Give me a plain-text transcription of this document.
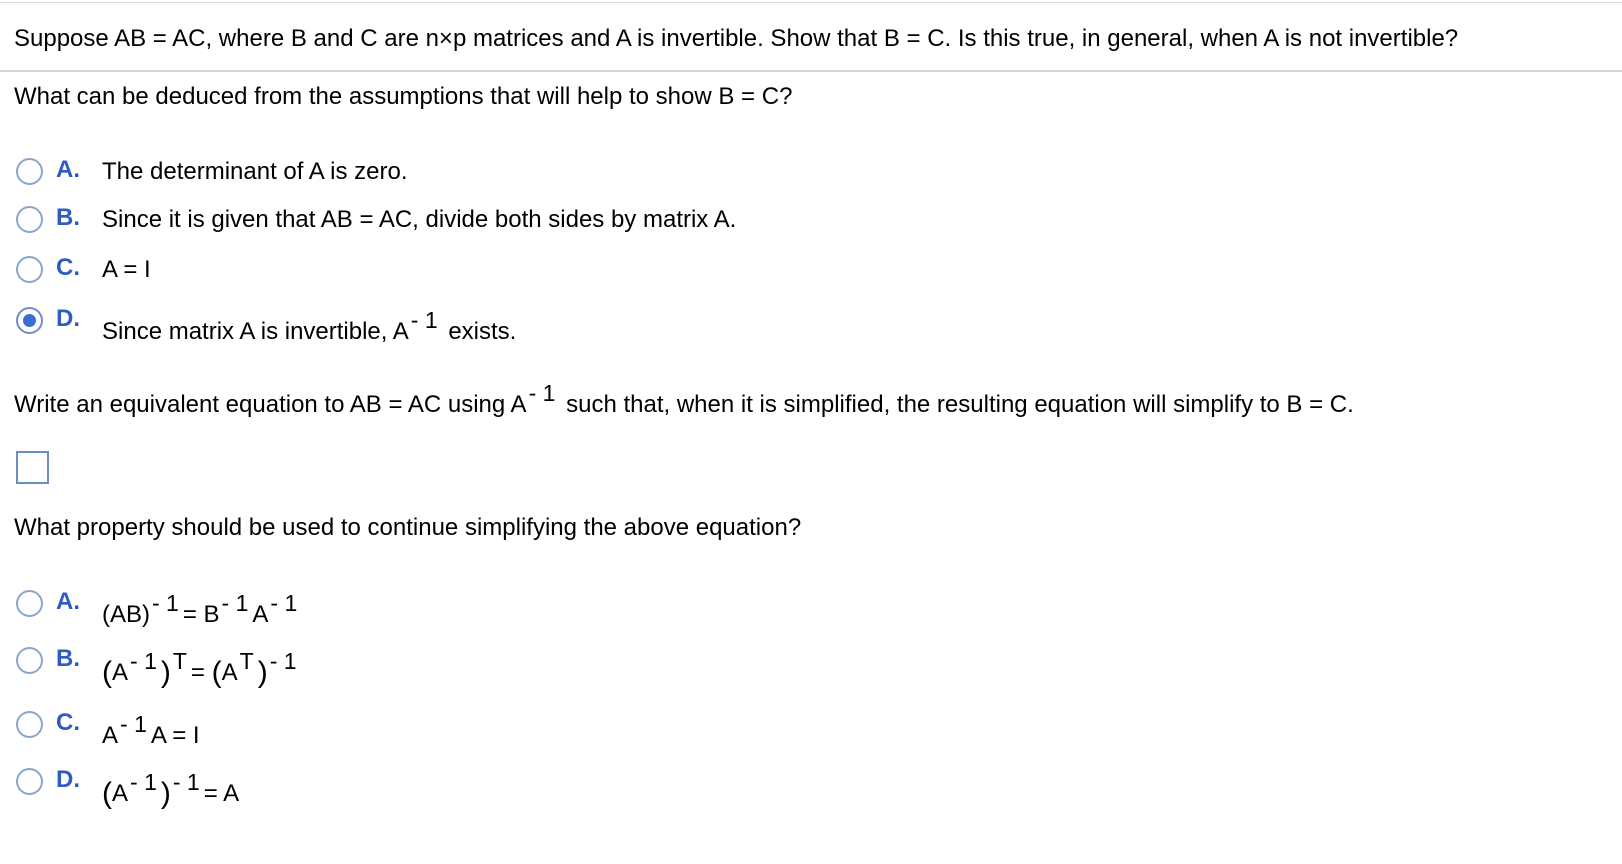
Suppose AB = AC, where B and C are n×p matrices and A is invertible. Show that B = C. Is this true, in general, when A is not invertible?
What can be deduced from the assumptions that will help to show B = C?
A. The determinant of A is zero.
B. Since it is given that AB = AC, divide both sides by matrix A.
C. A = I
D. Since matrix A is invertible, A- 1 exists.
Write an equivalent equation to AB = AC using A- 1 such that, when it is simplified, the resulting equation will simplify to B = C.
What property should be used to continue simplifying the above equation?
A. (AB)- 1 = B- 1 A- 1
B. (A- 1 )T = (AT )- 1
C. A- 1 A = I
D. (A- 1 )- 1 = A
